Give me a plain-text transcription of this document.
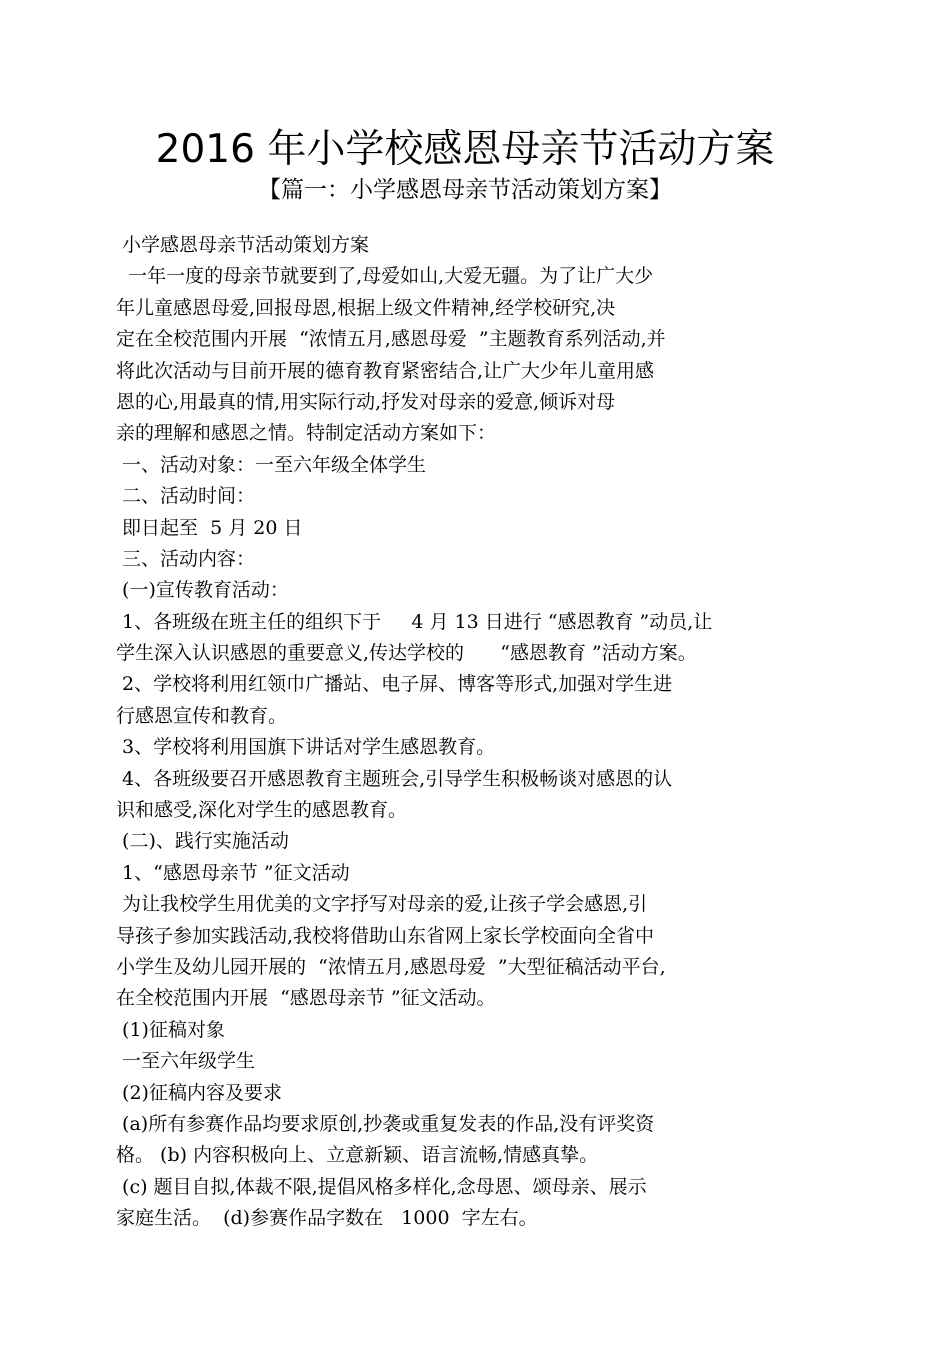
2016 年小学校感恩母亲节活动方案
【篇一：小学感恩母亲节活动策划方案】
小学感恩母亲节活动策划方案
一年一度的母亲节就要到了,母爱如山,大爱无疆。为了让广大少
年儿童感恩母爱,回报母恩,根据上级文件精神,经学校研究,决
定在全校范围内开展  “浓情五月,感恩母爱  ”主题教育系列活动,并
将此次活动与目前开展的德育教育紧密结合,让广大少年儿童用感
恩的心,用最真的情,用实际行动,抒发对母亲的爱意,倾诉对母
亲的理解和感恩之情。特制定活动方案如下：
一、活动对象：一至六年级全体学生
二、活动时间：
即日起至  5 月 20 日
三、活动内容：
(一)宣传教育活动：
1、各班级在班主任的组织下于     4 月 13 日进行 “感恩教育 ”动员,让
学生深入认识感恩的重要意义,传达学校的      “感恩教育 ”活动方案。
2、学校将利用红领巾广播站、电子屏、博客等形式,加强对学生进
行感恩宣传和教育。
3、学校将利用国旗下讲话对学生感恩教育。
4、各班级要召开感恩教育主题班会,引导学生积极畅谈对感恩的认
识和感受,深化对学生的感恩教育。
(二)、践行实施活动
1、“感恩母亲节 ”征文活动
为让我校学生用优美的文字抒写对母亲的爱,让孩子学会感恩,引
导孩子参加实践活动,我校将借助山东省网上家长学校面向全省中
小学生及幼儿园开展的  “浓情五月,感恩母爱  ”大型征稿活动平台,
在全校范围内开展  “感恩母亲节 ”征文活动。
(1)征稿对象
一至六年级学生
(2)征稿内容及要求
(a)所有参赛作品均要求原创,抄袭或重复发表的作品,没有评奖资
格。 (b) 内容积极向上、立意新颖、语言流畅,情感真挚。
(c) 题目自拟,体裁不限,提倡风格多样化,念母恩、颂母亲、展示
家庭生活。  (d)参赛作品字数在   1000  字左右。
